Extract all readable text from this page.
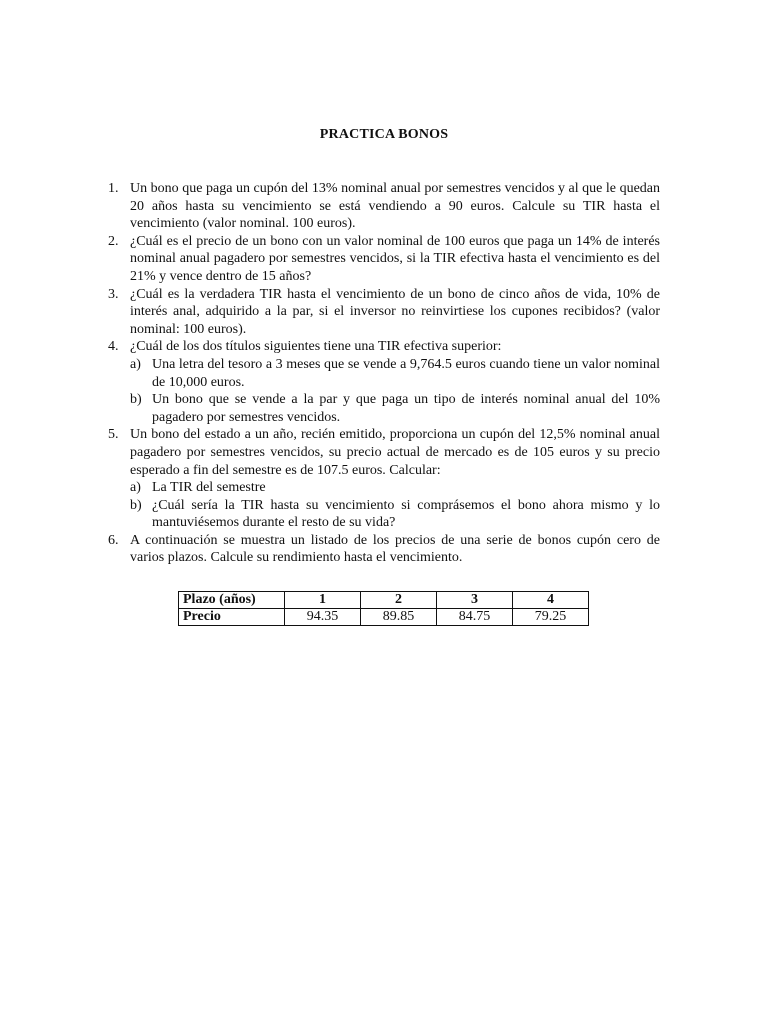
PRACTICA BONOS
1. Un bono que paga un cupón del 13% nominal anual por semestres vencidos y al que le quedan 20 años hasta su vencimiento se está vendiendo a 90 euros. Calcule su TIR hasta el vencimiento (valor nominal. 100 euros).
2. ¿Cuál es el precio de un bono con un valor nominal de 100 euros que paga un 14% de interés nominal anual pagadero por semestres vencidos, si la TIR efectiva hasta el vencimiento es del 21% y vence dentro de 15 años?
3. ¿Cuál es la verdadera TIR hasta el vencimiento de un bono de cinco años de vida, 10% de interés anal, adquirido a la par, si el inversor no reinvirtiese los cupones recibidos? (valor nominal: 100 euros).
4. ¿Cuál de los dos títulos siguientes tiene una TIR efectiva superior:
a) Una letra del tesoro a 3 meses que se vende a 9,764.5 euros cuando tiene un valor nominal de 10,000 euros.
b) Un bono que se vende a la par y que paga un tipo de interés nominal anual del 10% pagadero por semestres vencidos.
5. Un bono del estado a un año, recién emitido, proporciona un cupón del 12,5% nominal anual pagadero por semestres vencidos, su precio actual de mercado es de 105 euros y su precio esperado a fin del semestre es de 107.5 euros. Calcular:
a) La TIR del semestre
b) ¿Cuál sería la TIR hasta su vencimiento si comprásemos el bono ahora mismo y lo mantuviésemos durante el resto de su vida?
6. A continuación se muestra un listado de los precios de una serie de bonos cupón cero de varios plazos. Calcule su rendimiento hasta el vencimiento.
Plazo (años)	1	2	3	4
Precio	94.35	89.85	84.75	79.25
